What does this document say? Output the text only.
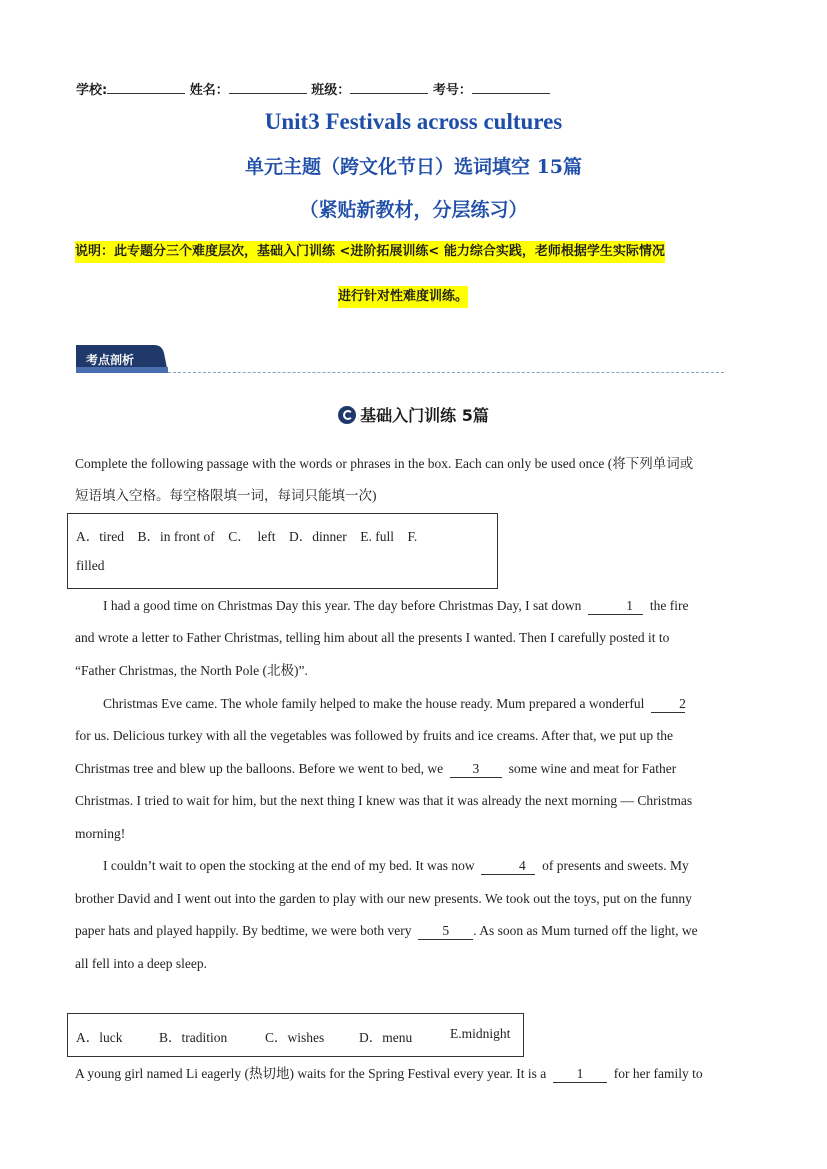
学校:	姓名：	班级：	考号：
Unit3 Festivals across cultures
单元主题（跨文化节日）选词填空 15篇
（紧贴新教材，分层练习）
说明：此专题分三个难度层次，基础入门训练 <进阶拓展训练< 能力综合实践，老师根据学生实际情况
进行针对性难度训练。
考点剖析
基础入门训练 5篇
Complete the following passage with the words or phrases in the box. Each can only be used once (将下列单词或
短语填入空格。每空格限填一词，每词只能填一次)
A．tired    B．in front of    C．  left    D．dinner    E. full    F.
filled
I had a good time on Christmas Day this year. The day before Christmas Day, I sat down	1 the fire
and wrote a letter to Father Christmas, telling him about all the presents I wanted. Then I carefully posted it to
“Father Christmas, the North Pole (北极)”.
Christmas Eve came. The whole family helped to make the house ready. Mum prepared a wonderful	2
for us. Delicious turkey with all the vegetables was followed by fruits and ice creams. After that, we put up the
Christmas tree and blew up the balloons. Before we went to bed, we 3 some wine and meat for Father
Christmas. I tried to wait for him, but the next thing I knew was that it was already the next morning — Christmas
morning!
I couldn’t wait to open the stocking at the end of my bed. It was now	4 of presents and sweets. My
brother David and I went out into the garden to play with our new presents. We took out the toys, put on the funny
paper hats and played happily. By bedtime, we were both very 5 . As soon as Mum turned off the light, we
all fell into a deep sleep.
A．luck	B．tradition	C．wishes	D．menu	E.midnight
A young girl named Li eagerly (热切地) waits for the Spring Festival every year. It is a 1 for her family to
